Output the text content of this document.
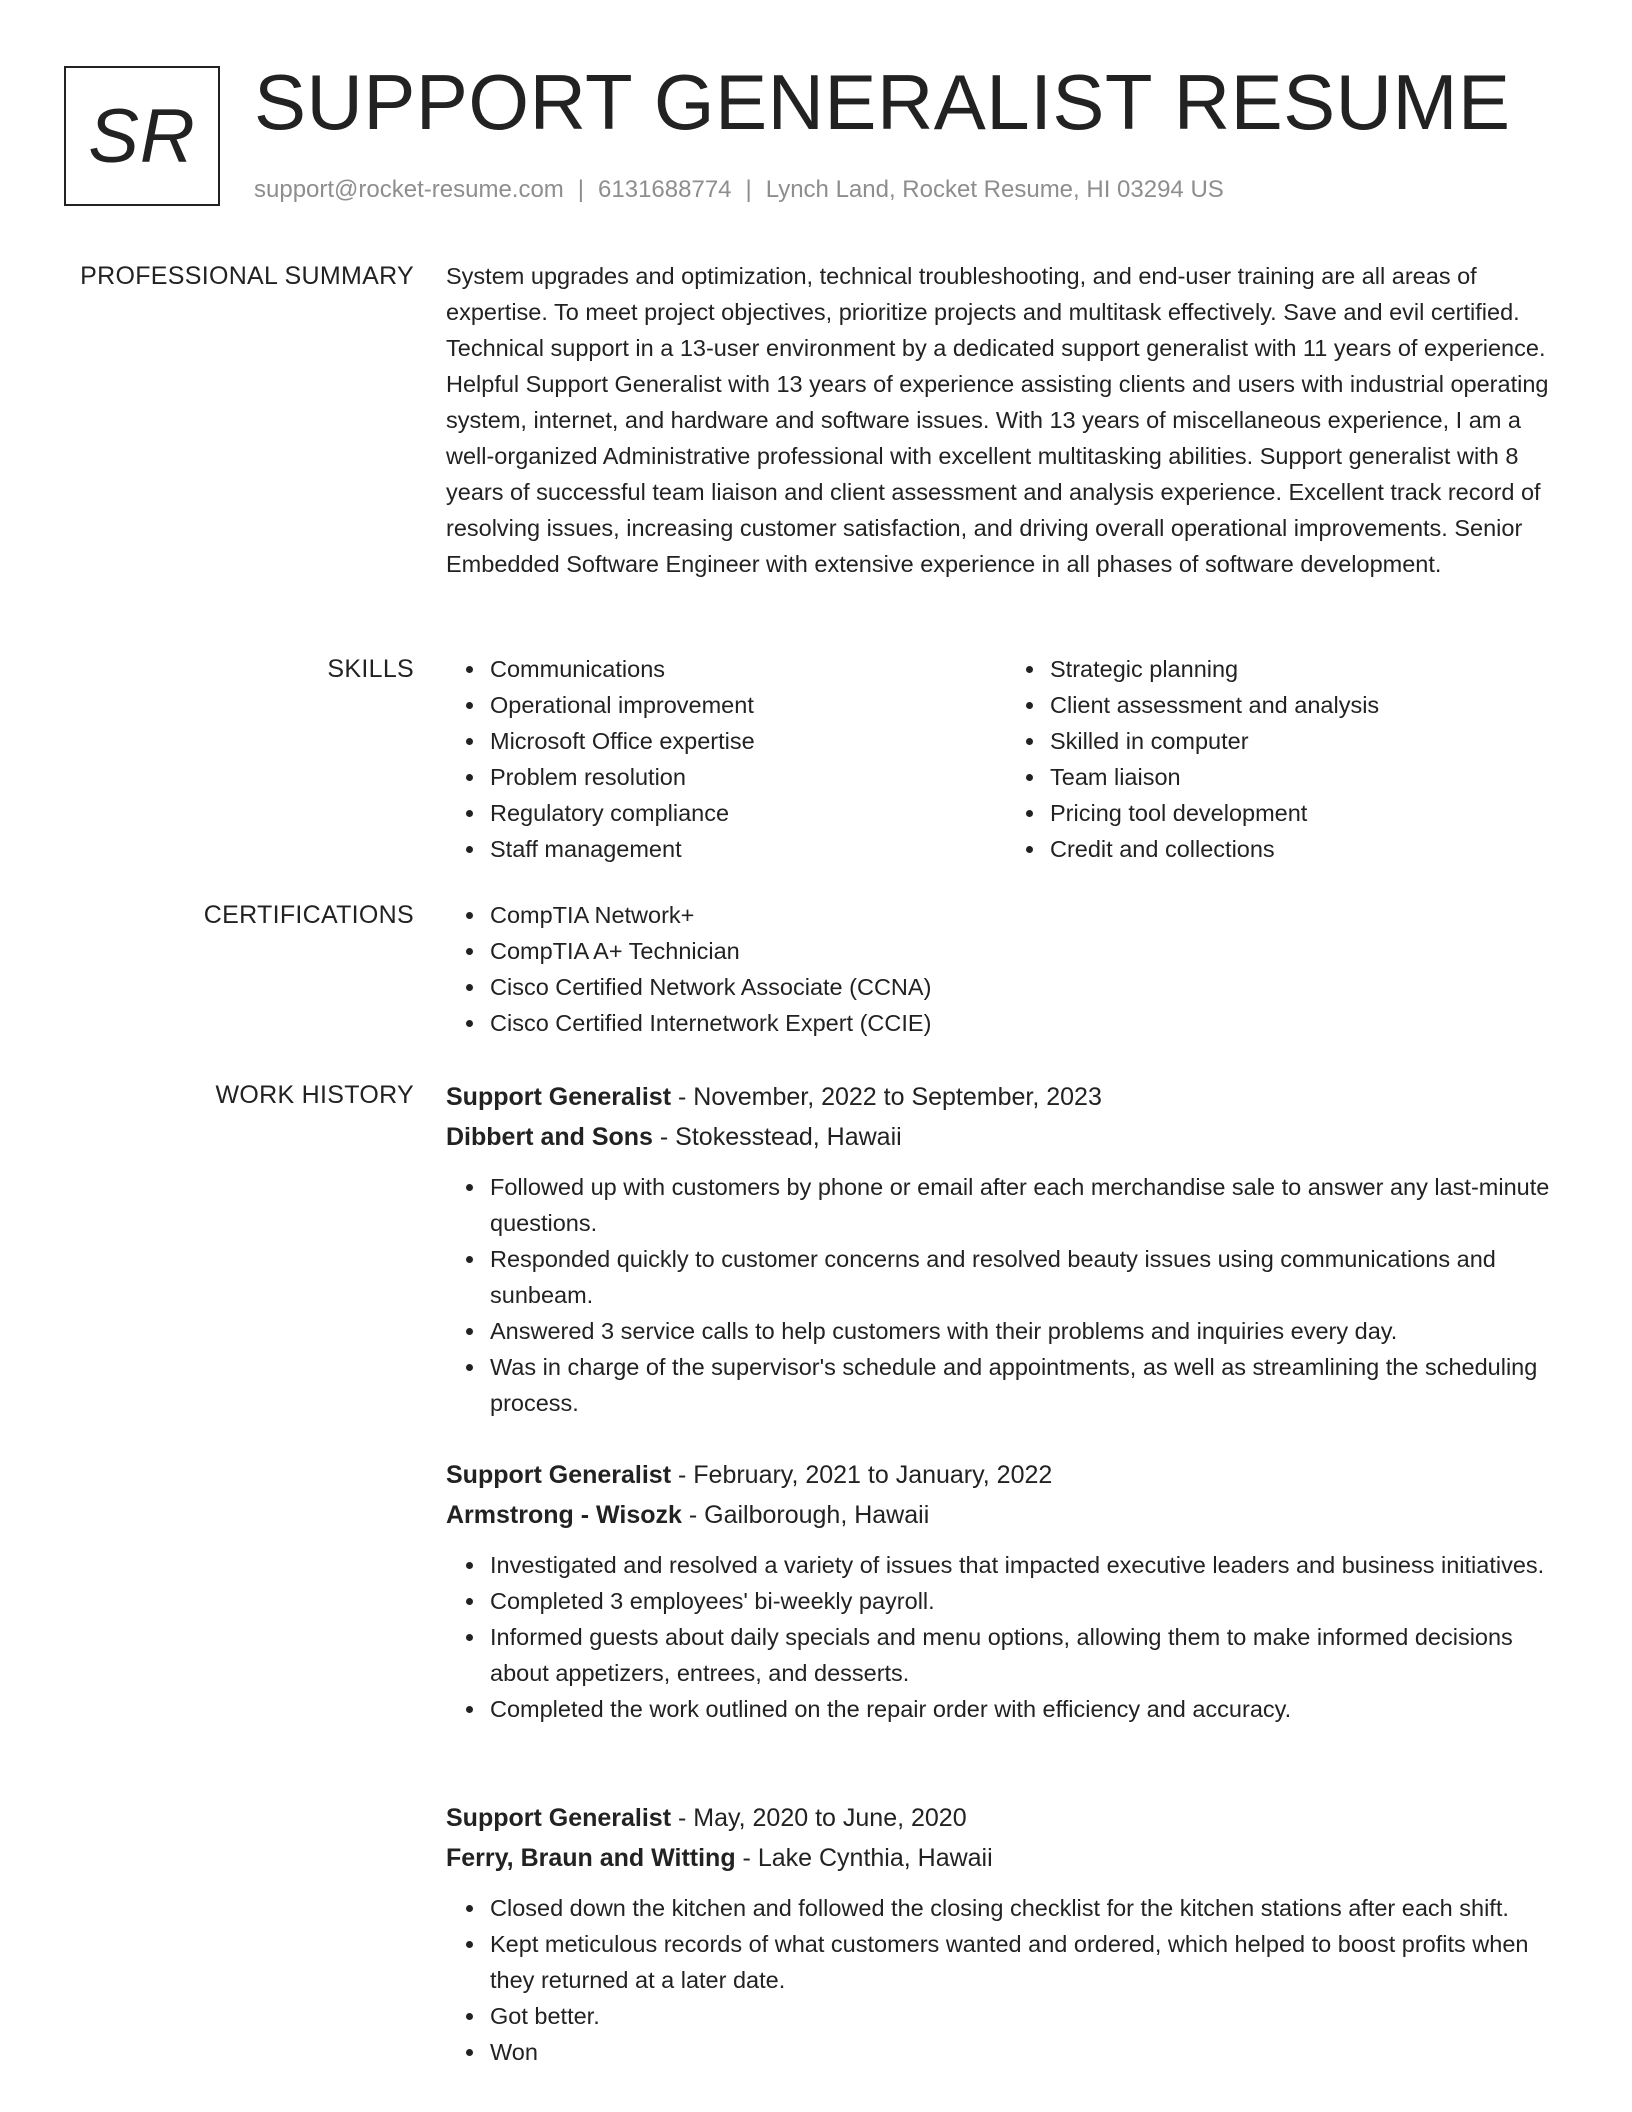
SR SUPPORT GENERALIST RESUME
support@rocket-resume.com | 6131688774 | Lynch Land, Rocket Resume, HI 03294 US
PROFESSIONAL SUMMARY System upgrades and optimization, technical troubleshooting, and end-user training are all areas of expertise. To meet project objectives, prioritize projects and multitask effectively. Save and evil certified. Technical support in a 13-user environment by a dedicated support generalist with 11 years of experience. Helpful Support Generalist with 13 years of experience assisting clients and users with industrial operating system, internet, and hardware and software issues. With 13 years of miscellaneous experience, I am a well-organized Administrative professional with excellent multitasking abilities. Support generalist with 8 years of successful team liaison and client assessment and analysis experience. Excellent track record of resolving issues, increasing customer satisfaction, and driving overall operational improvements. Senior Embedded Software Engineer with extensive experience in all phases of software development.

SKILLS	Communications
Operational improvement
Microsoft Office expertise
Problem resolution
Regulatory compliance
Staff management
Strategic planning
Client assessment and analysis
Skilled in computer
Team liaison
Pricing tool development
Credit and collections
CERTIFICATIONS	CompTIA Network+
CompTIA A+ Technician
Cisco Certified Network Associate (CCNA)
Cisco Certified Internetwork Expert (CCIE)
WORK HISTORY Support Generalist - November, 2022 to September, 2023
Dibbert and Sons - Stokesstead, Hawaii
Followed up with customers by phone or email after each merchandise sale to answer any last-minute questions.
Responded quickly to customer concerns and resolved beauty issues using communications and sunbeam.
Answered 3 service calls to help customers with their problems and inquiries every day.
Was in charge of the supervisor's schedule and appointments, as well as streamlining the scheduling process.
Support Generalist - February, 2021 to January, 2022
Armstrong - Wisozk - Gailborough, Hawaii
Investigated and resolved a variety of issues that impacted executive leaders and business initiatives.
Completed 3 employees' bi-weekly payroll.
Informed guests about daily specials and menu options, allowing them to make informed decisions about appetizers, entrees, and desserts.
Completed the work outlined on the repair order with efficiency and accuracy.
Support Generalist - May, 2020 to June, 2020
Ferry, Braun and Witting - Lake Cynthia, Hawaii
Closed down the kitchen and followed the closing checklist for the kitchen stations after each shift.
Kept meticulous records of what customers wanted and ordered, which helped to boost profits when they returned at a later date.
Got better.
Won
